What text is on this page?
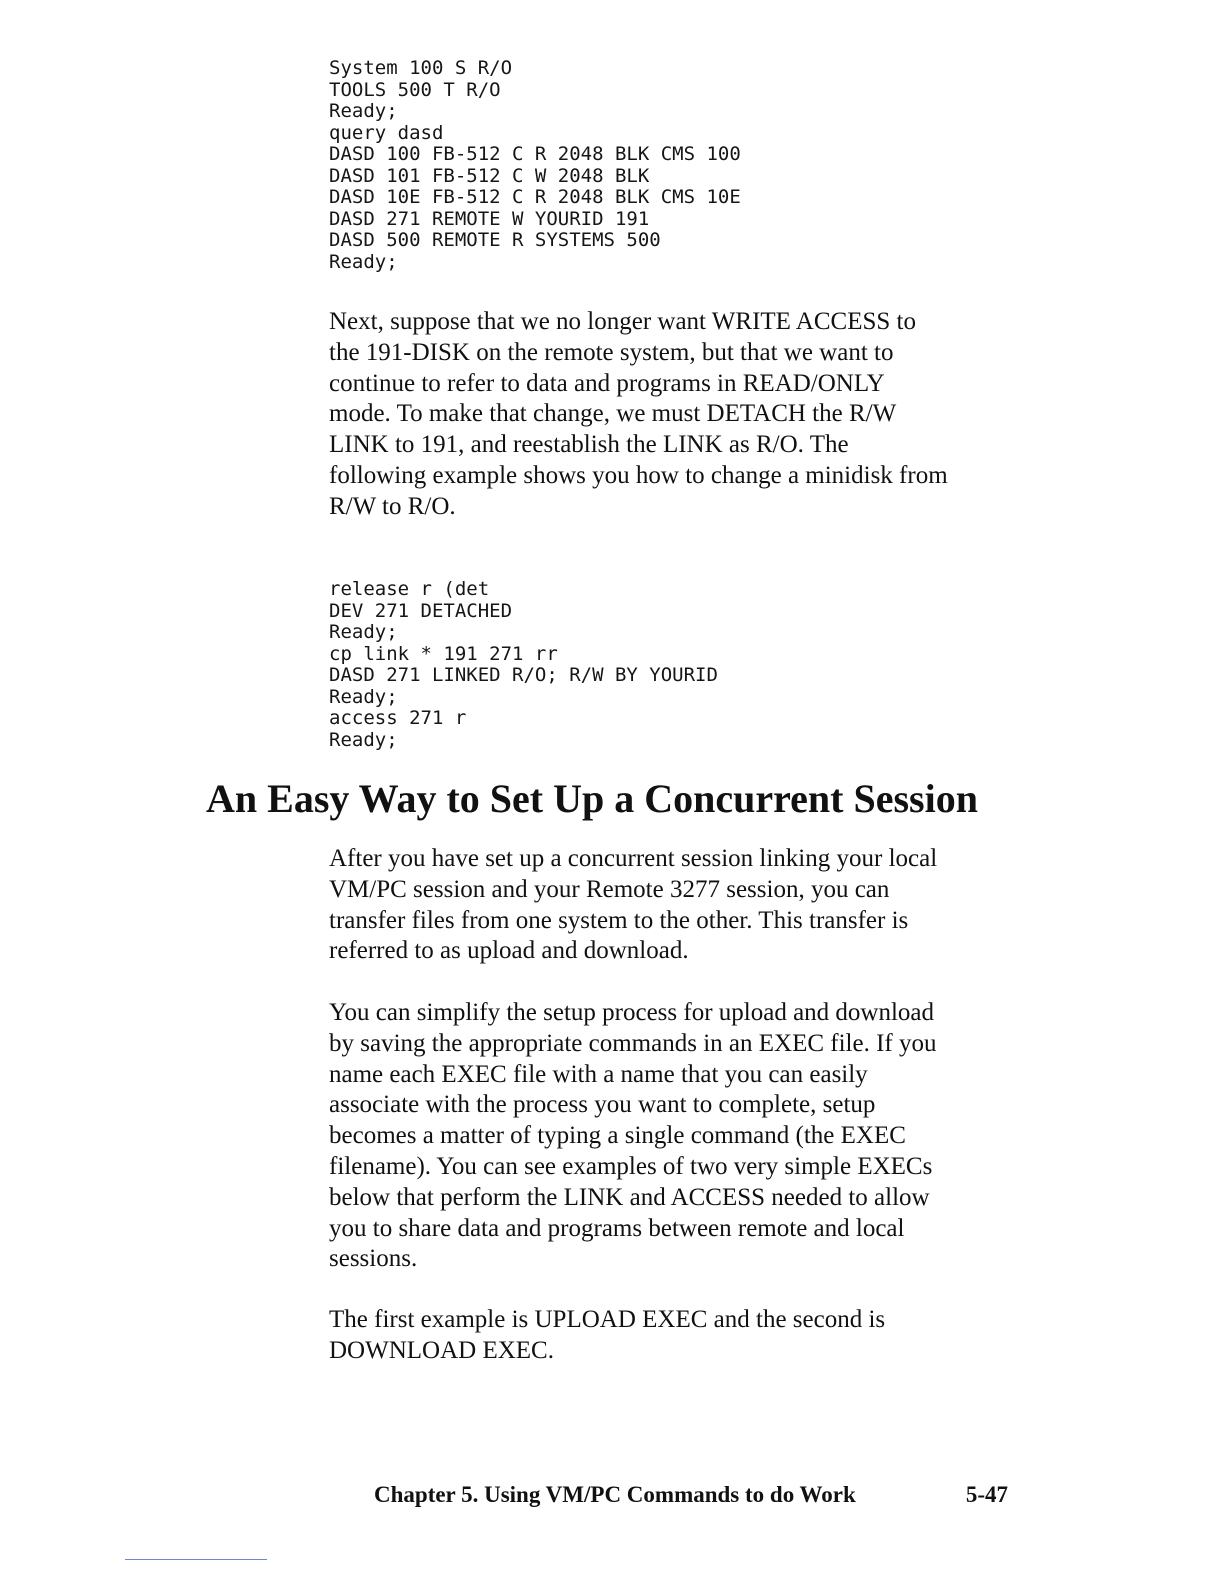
System 100 S R/O
TOOLS 500 T R/O
Ready;
query dasd
DASD 100 FB-512 C R 2048 BLK CMS 100
DASD 101 FB-512 C W 2048 BLK
DASD 10E FB-512 C R 2048 BLK CMS 10E
DASD 271 REMOTE W YOURID 191
DASD 500 REMOTE R SYSTEMS 500
Ready;

Next, suppose that we no longer want WRITE ACCESS to
the 191-DISK on the remote system, but that we want to
continue to refer to data and programs in READ/ONLY
mode. To make that change, we must DETACH the R/W
LINK to 191, and reestablish the LINK as R/O. The
following example shows you how to change a minidisk from
R/W to R/O.

release r (det
DEV 271 DETACHED
Ready;
cp link * 191 271 rr
DASD 271 LINKED R/O; R/W BY YOURID
Ready;
access 271 r
Ready;
An Easy Way to Set Up a Concurrent Session

After you have set up a concurrent session linking your local
VM/PC session and your Remote 3277 session, you can
transfer files from one system to the other. This transfer is
referred to as upload and download.

You can simplify the setup process for upload and download
by saving the appropriate commands in an EXEC file. If you
name each EXEC file with a name that you can easily
associate with the process you want to complete, setup
becomes a matter of typing a single command (the EXEC
filename). You can see examples of two very simple EXECs
below that perform the LINK and ACCESS needed to allow
you to share data and programs between remote and local
sessions.

The first example is UPLOAD EXEC and the second is
DOWNLOAD EXEC.

Chapter 5. Using VM/PC Commands to do Work	5-47
